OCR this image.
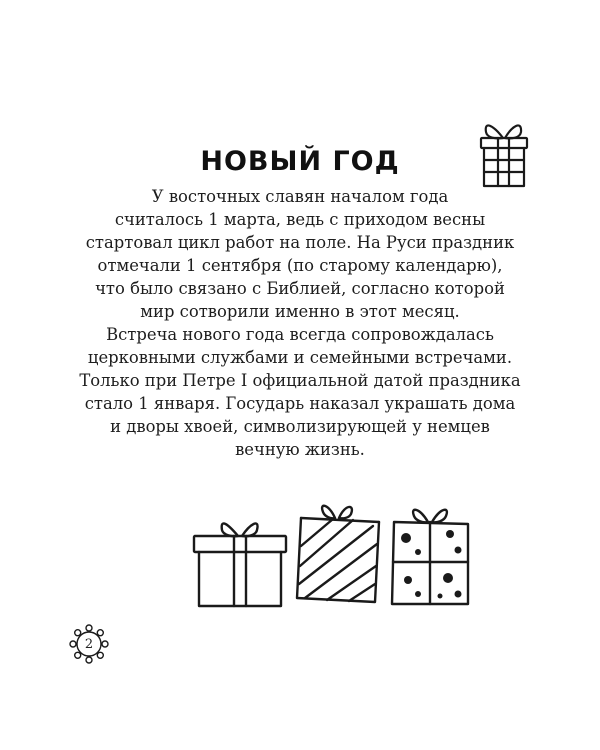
НОВЫЙ ГОД
У восточных славян началом года
считалось 1 марта, ведь с приходом весны
стартовал цикл работ на поле. На Руси праздник
отмечали 1 сентября (по старому календарю),
что было связано с Библией, согласно которой
мир сотворили именно в этот месяц.
Встреча нового года всегда сопровождалась
церковными службами и семейными встречами.
Только при Петре I официальной датой праздника
стало 1 января. Государь наказал украшать дома
и дворы хвоей, символизирующей у немцев
вечную жизнь.
2
